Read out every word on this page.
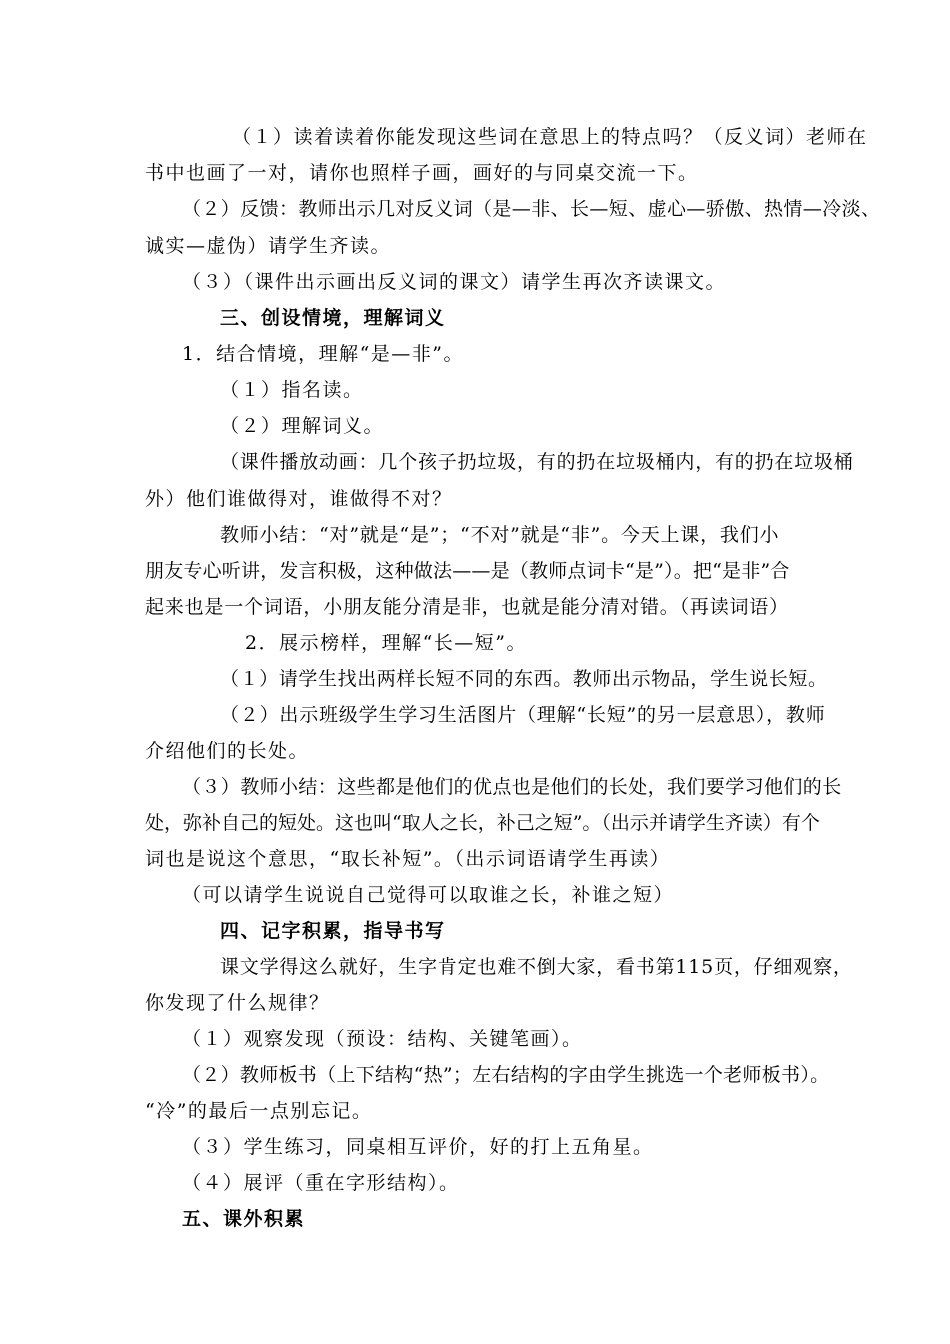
（１）读着读着你能发现这些词在意思上的特点吗？（反义词）老师在
书中也画了一对，请你也照样子画，画好的与同桌交流一下。
（２）反馈：教师出示几对反义词（是—非、长—短、虚心—骄傲、热情—冷淡、
诚实—虚伪）请学生齐读。
（３）（课件出示画出反义词的课文）请学生再次齐读课文。
三、创设情境，理解词义
1．结合情境，理解“是—非”。
（１）指名读。
（２）理解词义。
（课件播放动画：几个孩子扔垃圾，有的扔在垃圾桶内，有的扔在垃圾桶
外）他们谁做得对，谁做得不对？
教师小结：“对”就是“是”；“不对”就是“非”。今天上课，我们小
朋友专心听讲，发言积极，这种做法——是（教师点词卡“是”）。把“是非”合
起来也是一个词语，小朋友能分清是非，也就是能分清对错。（再读词语）
2．展示榜样，理解“长—短”。
（１）请学生找出两样长短不同的东西。教师出示物品，学生说长短。
（２）出示班级学生学习生活图片（理解“长短”的另一层意思），教师
介绍他们的长处。
（３）教师小结：这些都是他们的优点也是他们的长处，我们要学习他们的长
处，弥补自己的短处。这也叫“取人之长，补己之短”。（出示并请学生齐读）有个
词也是说这个意思，“取长补短”。（出示词语请学生再读）
（可以请学生说说自己觉得可以取谁之长，补谁之短）
四、记字积累，指导书写
课文学得这么就好，生字肯定也难不倒大家，看书第115页，仔细观察，
你发现了什么规律？
（１）观察发现（预设：结构、关键笔画）。
（２）教师板书（上下结构“热”；左右结构的字由学生挑选一个老师板书）。
“冷”的最后一点别忘记。
（３）学生练习，同桌相互评价，好的打上五角星。
（４）展评（重在字形结构）。
五、课外积累
